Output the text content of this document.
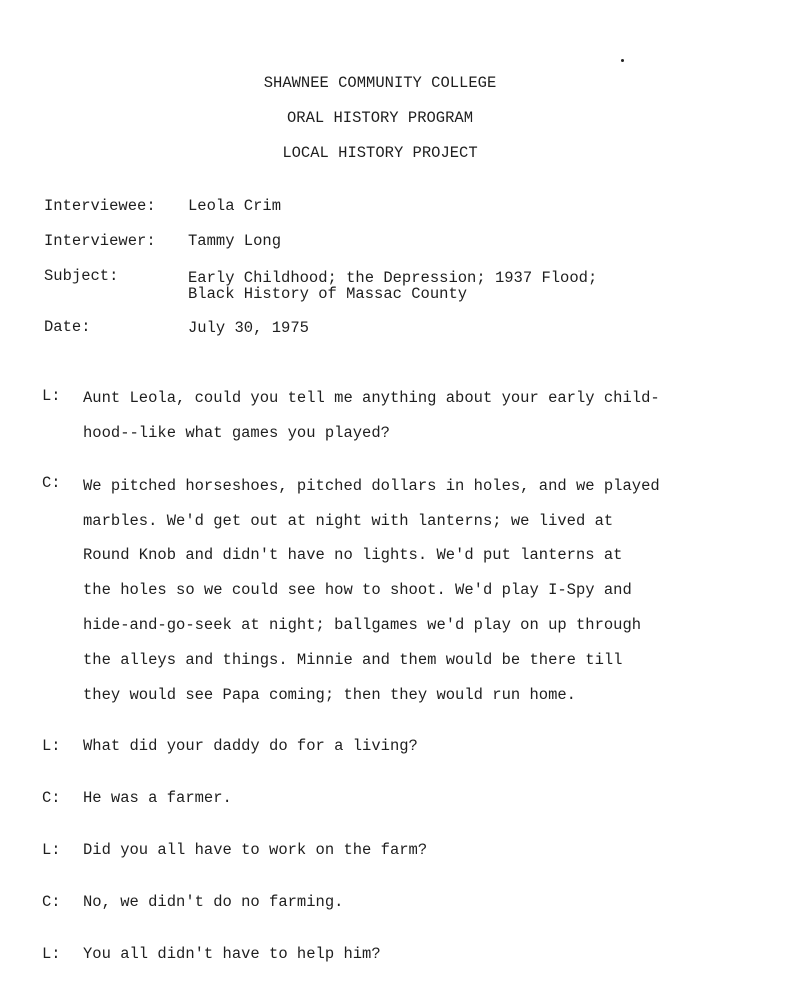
SHAWNEE COMMUNITY COLLEGE
ORAL HISTORY PROGRAM
LOCAL HISTORY PROJECT
Interviewee: Leola Crim
Interviewer: Tammy Long
Subject:	Early Childhood; the Depression; 1937 Flood;
Black History of Massac County
Date:	July 30, 1975
L: Aunt Leola, could you tell me anything about your early child-
hood--like what games you played?
C: We pitched horseshoes, pitched dollars in holes, and we played
marbles. We'd get out at night with lanterns; we lived at
Round Knob and didn't have no lights. We'd put lanterns at
the holes so we could see how to shoot. We'd play I-Spy and
hide-and-go-seek at night; ballgames we'd play on up through
the alleys and things. Minnie and them would be there till
they would see Papa coming; then they would run home.
L: What did your daddy do for a living?
C: He was a farmer.
L: Did you all have to work on the farm?
C: No, we didn't do no farming.
L: You all didn't have to help him?
